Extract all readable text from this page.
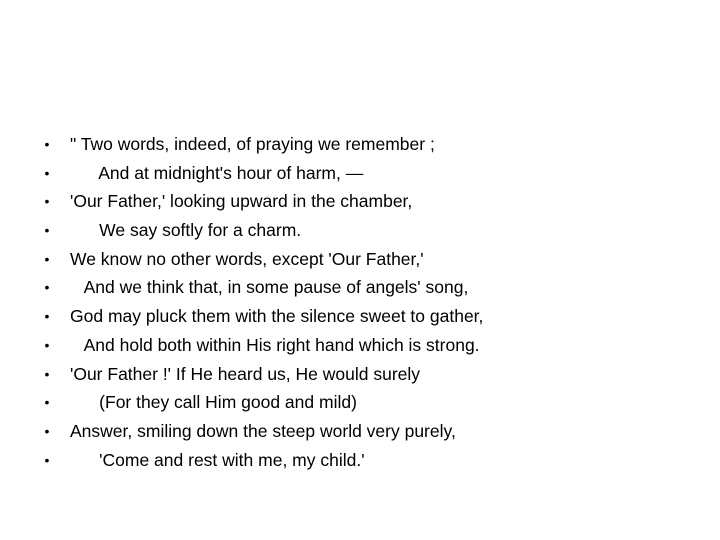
• " Two words, indeed, of praying we remember ;
• And at midnight's hour of harm, —
• 'Our Father,' looking upward in the chamber,
• We say softly for a charm.
• We know no other words, except 'Our Father,'
• And we think that, in some pause of angels' song,
• God may pluck them with the silence sweet to gather,
• And hold both within His right hand which is strong.
• 'Our Father !' If He heard us, He would surely
• (For they call Him good and mild)
• Answer, smiling down the steep world very purely,
• 'Come and rest with me, my child.'
